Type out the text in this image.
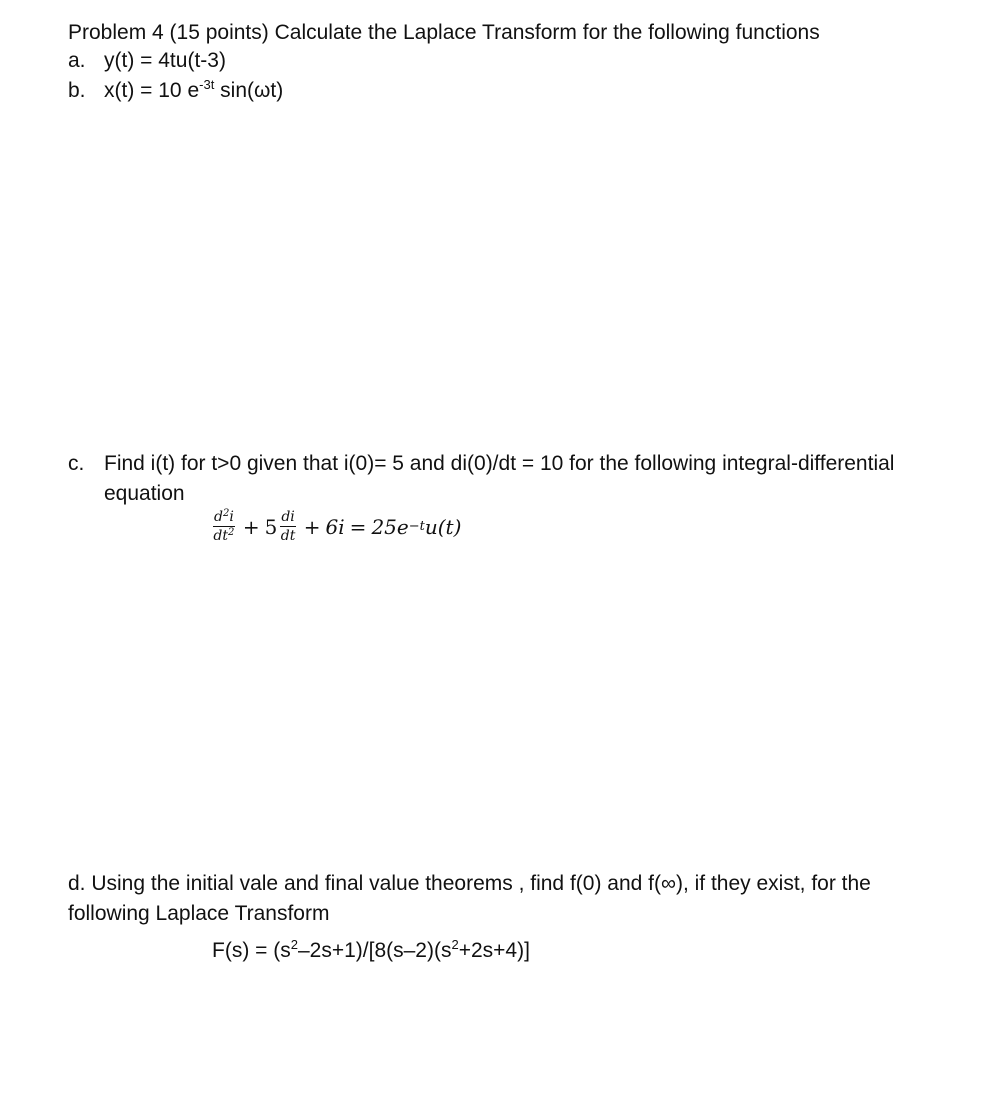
Problem 4 (15 points) Calculate the Laplace Transform for the following functions
a. y(t) = 4tu(t-3)
b. x(t) = 10 $e^{-3t}$ sin(ωt)
c. Find i(t) for t>0 given that i(0)= 5 and di(0)/dt = 10 for the following integral-differential
equation
$\frac{d^2i}{dt^2} + 5 \frac{di}{dt} + 6i = 25e -t$ u(t)
d. Using the initial vale and final value theorems , find f(0) and f(∞), if they exist, for the
following Laplace Transform
$F(s) = (s^2-2s+1)/[8(s-2)(s^2+2s+4)]$
